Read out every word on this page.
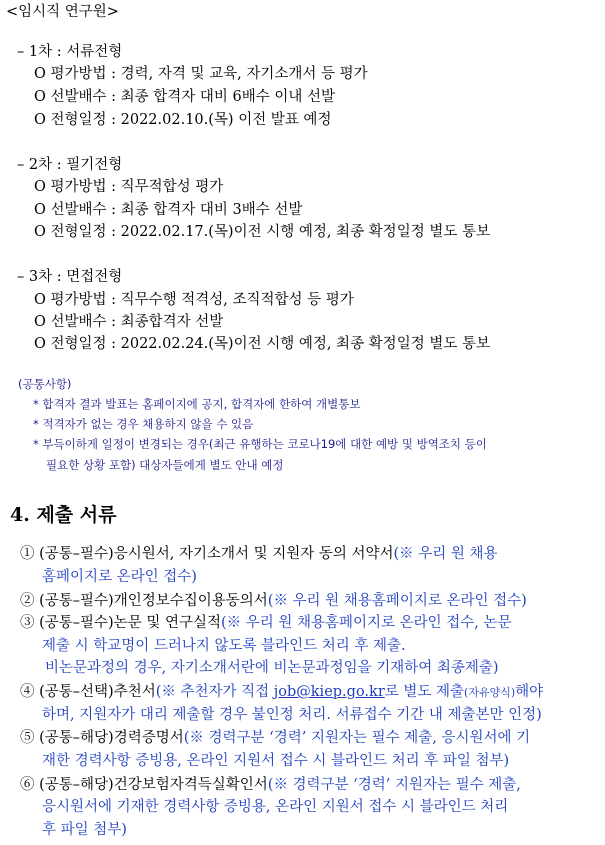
<임시직 연구원>
– 1차 : 서류전형
O 평가방법 : 경력, 자격 및 교육, 자기소개서 등 평가
O 선발배수 : 최종 합격자 대비 6배수 이내 선발
O 전형일정 : 2022.02.10.(목) 이전 발표 예정
– 2차 : 필기전형
O 평가방법 : 직무적합성 평가
O 선발배수 : 최종 합격자 대비 3배수 선발
O 전형일정 : 2022.02.17.(목)이전 시행 예정, 최종 확정일정 별도 통보
– 3차 : 면접전형
O 평가방법 : 직무수행 적격성, 조직적합성 등 평가
O 선발배수 : 최종합격자 선발
O 전형일정 : 2022.02.24.(목)이전 시행 예정, 최종 확정일정 별도 통보
(공통사항)
* 합격자 결과 발표는 홈페이지에 공지, 합격자에 한하여 개별통보
* 적격자가 없는 경우 채용하지 않을 수 있음
* 부득이하게 일정이 변경되는 경우(최근 유행하는 코로나19에 대한 예방 및 방역조치 등이
필요한 상황 포함) 대상자들에게 별도 안내 예정
4. 제출 서류
① (공통–필수)응시원서, 자기소개서 및 지원자 동의 서약서(※ 우리 원 채용
홈페이지로 온라인 접수)
② (공통–필수)개인정보수집이용동의서(※ 우리 원 채용홈페이지로 온라인 접수)
③ (공통–필수)논문 및 연구실적(※ 우리 원 채용홈페이지로 온라인 접수, 논문
제출 시 학교명이 드러나지 않도록 블라인드 처리 후 제출.
비논문과정의 경우, 자기소개서란에 비논문과정임을 기재하여 최종제출)
④ (공통–선택)추천서(※ 추천자가 직접 job@kiep.go.kr로 별도 제출(자유양식)해야
하며, 지원자가 대리 제출할 경우 불인정 처리. 서류접수 기간 내 제출본만 인정)
⑤ (공통–해당)경력증명서(※ 경력구분 ‘경력’ 지원자는 필수 제출, 응시원서에 기
재한 경력사항 증빙용, 온라인 지원서 접수 시 블라인드 처리 후 파일 첨부)
⑥ (공통–해당)건강보험자격득실확인서(※ 경력구분 ‘경력’ 지원자는 필수 제출,
응시원서에 기재한 경력사항 증빙용, 온라인 지원서 접수 시 블라인드 처리
후 파일 첨부)
